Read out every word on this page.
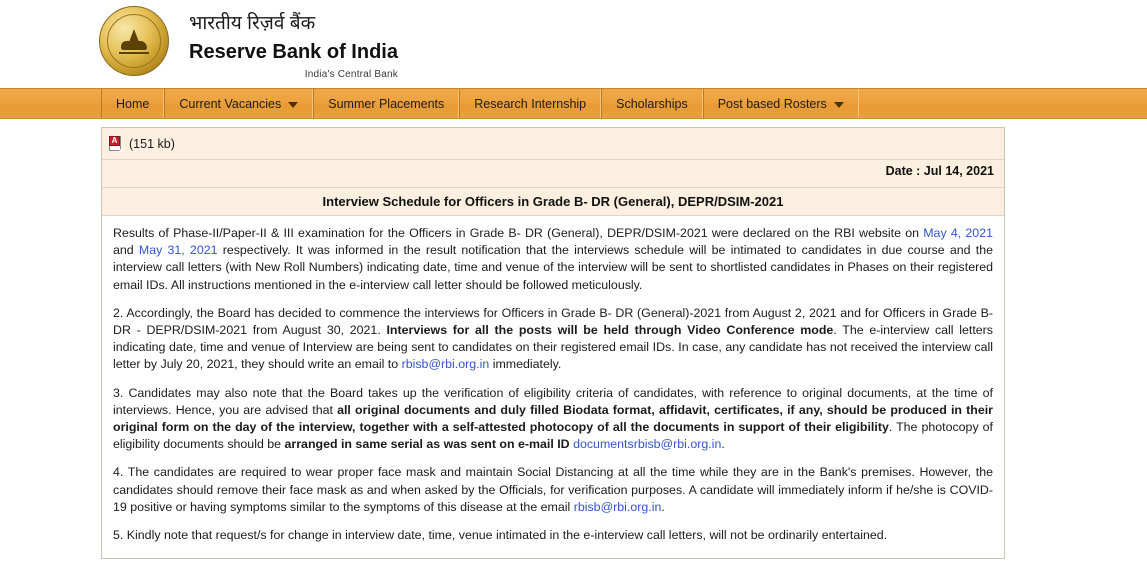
भारतीय रिज़र्व बैंक
Reserve Bank of India
India's Central Bank
Home Current Vacancies	Summer Placements Research Internship Scholarships Post based Rosters
A (151 kb)
Date : Jul 14, 2021
Interview Schedule for Officers in Grade B- DR (General), DEPR/DSIM-2021

Results of Phase-II/Paper-II & III examination for the Officers in Grade B- DR (General), DEPR/DSIM-2021 were declared on the RBI website on May 4, 2021 and May 31, 2021 respectively. It was informed in the result notification that the interviews schedule will be intimated to candidates in due course and the interview call letters (with New Roll Numbers) indicating date, time and venue of the interview will be sent to shortlisted candidates in Phases on their registered email IDs. All instructions mentioned in the e-interview call letter should be followed meticulously.

2. Accordingly, the Board has decided to commence the interviews for Officers in Grade B- DR (General)-2021 from August 2, 2021 and for Officers in Grade B- DR - DEPR/DSIM-2021 from August 30, 2021. Interviews for all the posts will be held through Video Conference mode. The e-interview call letters indicating date, time and venue of Interview are being sent to candidates on their registered email IDs. In case, any candidate has not received the interview call letter by July 20, 2021, they should write an email to rbisb@rbi.org.in immediately.

3. Candidates may also note that the Board takes up the verification of eligibility criteria of candidates, with reference to original documents, at the time of interviews. Hence, you are advised that all original documents and duly filled Biodata format, affidavit, certificates, if any, should be produced in their original form on the day of the interview, together with a self-attested photocopy of all the documents in support of their eligibility. The photocopy of eligibility documents should be arranged in same serial as was sent on e-mail ID documentsrbisb@rbi.org.in.

4. The candidates are required to wear proper face mask and maintain Social Distancing at all the time while they are in the Bank's premises. However, the candidates should remove their face mask as and when asked by the Officials, for verification purposes. A candidate will immediately inform if he/she is COVID-19 positive or having symptoms similar to the symptoms of this disease at the email rbisb@rbi.org.in.

5. Kindly note that request/s for change in interview date, time, venue intimated in the e-interview call letters, will not be ordinarily entertained.
